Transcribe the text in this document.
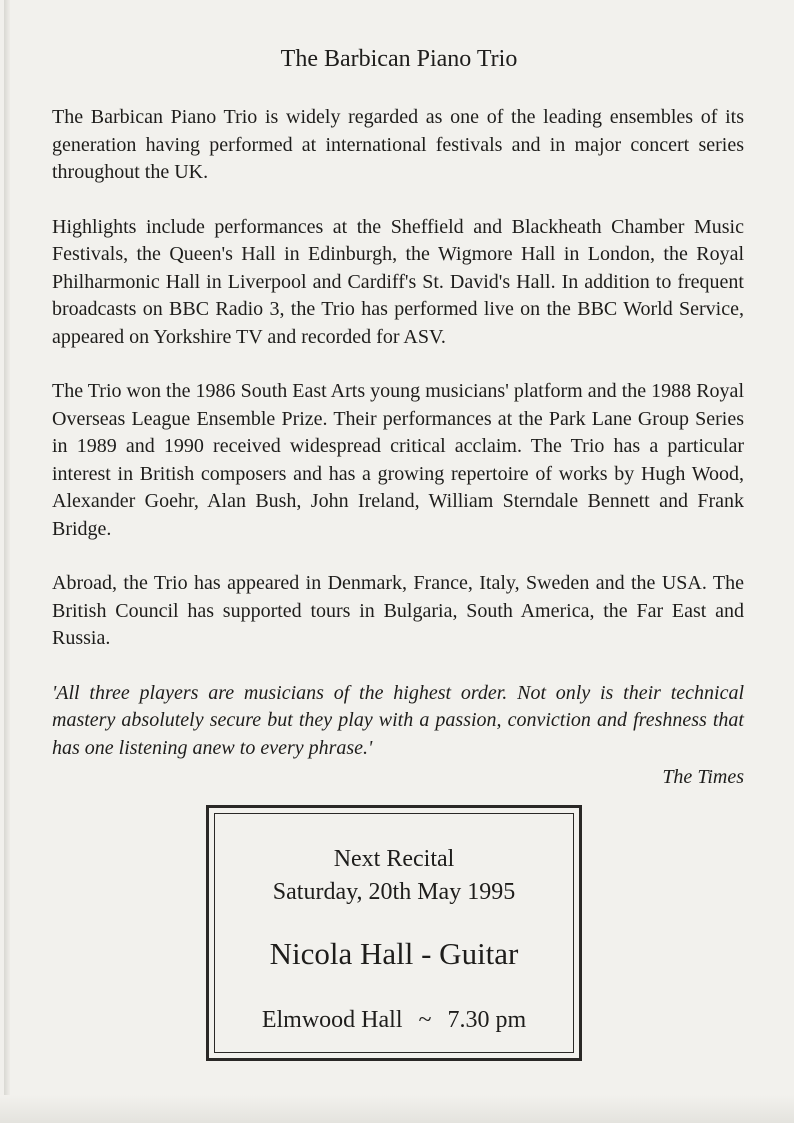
The Barbican Piano Trio

The Barbican Piano Trio is widely regarded as one of the leading ensembles of its generation having performed at international festivals and in major concert series throughout the UK.

Highlights include performances at the Sheffield and Blackheath Chamber Music Festivals, the Queen's Hall in Edinburgh, the Wigmore Hall in London, the Royal Philharmonic Hall in Liverpool and Cardiff's St. David's Hall. In addition to frequent broadcasts on BBC Radio 3, the Trio has performed live on the BBC World Service, appeared on Yorkshire TV and recorded for ASV.

The Trio won the 1986 South East Arts young musicians' platform and the 1988 Royal Overseas League Ensemble Prize. Their performances at the Park Lane Group Series in 1989 and 1990 received widespread critical acclaim. The Trio has a particular interest in British composers and has a growing repertoire of works by Hugh Wood, Alexander Goehr, Alan Bush, John Ireland, William Sterndale Bennett and Frank Bridge.

Abroad, the Trio has appeared in Denmark, France, Italy, Sweden and the USA. The British Council has supported tours in Bulgaria, South America, the Far East and Russia.

'All three players are musicians of the highest order. Not only is their technical mastery absolutely secure but they play with a passion, conviction and freshness that has one listening anew to every phrase.'

The Times

Next Recital
Saturday, 20th May 1995
Nicola Hall - Guitar
Elmwood Hall ~ 7.30 pm
